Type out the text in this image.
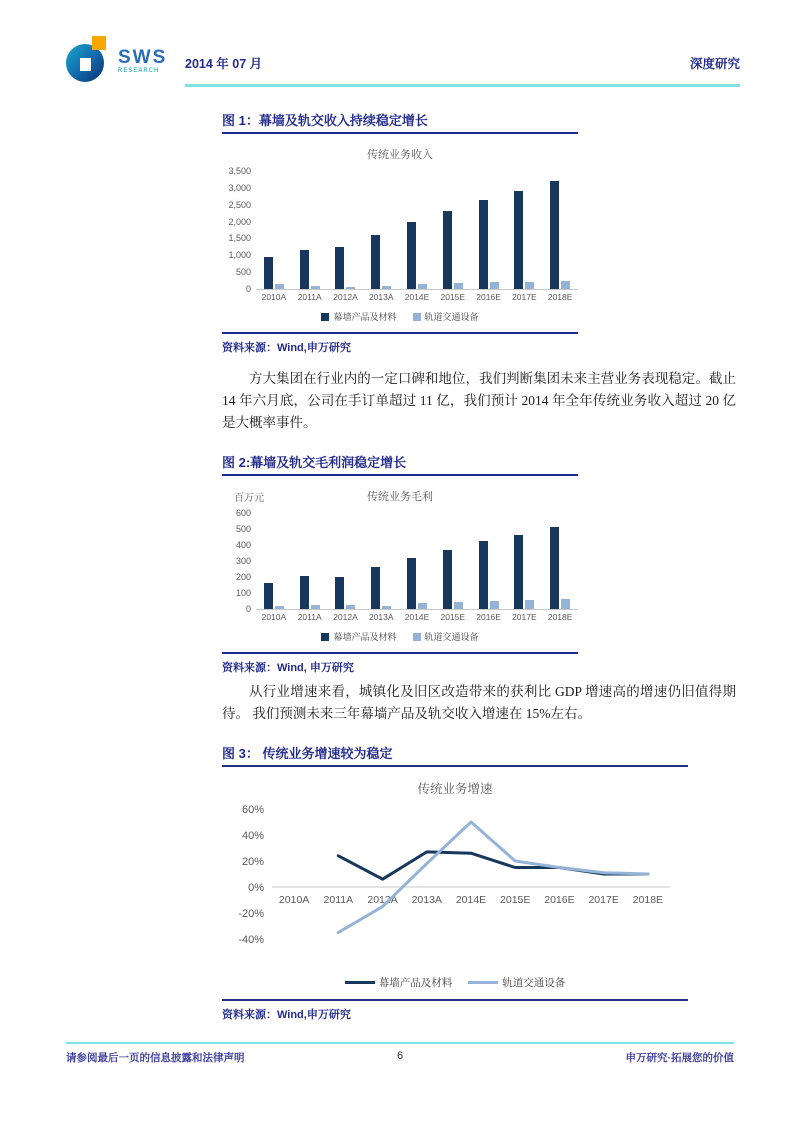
SWS
RESEARCH	2014 年 07 月	深度研究
图 1：幕墙及轨交收入持续稳定增长
传统业务收入
0
500
1,000
1,500
2,000
2,500
3,000
3,500
2010A	2011A	2012A	2013A	2014E	2015E	2016E	2017E	2018E
幕墙产品及材料	轨道交通设备
资料来源：Wind,申万研究

方大集团在行业内的一定口碑和地位，我们判断集团未来主营业务表现稳定。截止 14 年六月底，公司在手订单超过 11 亿，我们预计 2014 年全年传统业务收入超过 20 亿是大概率事件。

图 2:幕墙及轨交毛利润稳定增长
百万元	传统业务毛利
0
100
200
300
400
500
600
2010A	2011A	2012A	2013A	2014E	2015E	2016E	2017E	2018E
幕墙产品及材料	轨道交通设备
资料来源：Wind, 申万研究

从行业增速来看，城镇化及旧区改造带来的获利比 GDP 增速高的增速仍旧值得期待。 我们预测未来三年幕墙产品及轨交收入增速在 15%左右。

图 3： 传统业务增速较为稳定
传统业务增速
-40%
-20%
0%
20%
40%
60%
2010A 2011A 2012A 2013A 2014E 2015E 2016E 2017E 2018E
幕墙产品及材料	轨道交通设备
资料来源：Wind,申万研究
请参阅最后一页的信息披露和法律声明	6	申万研究·拓展您的价值
